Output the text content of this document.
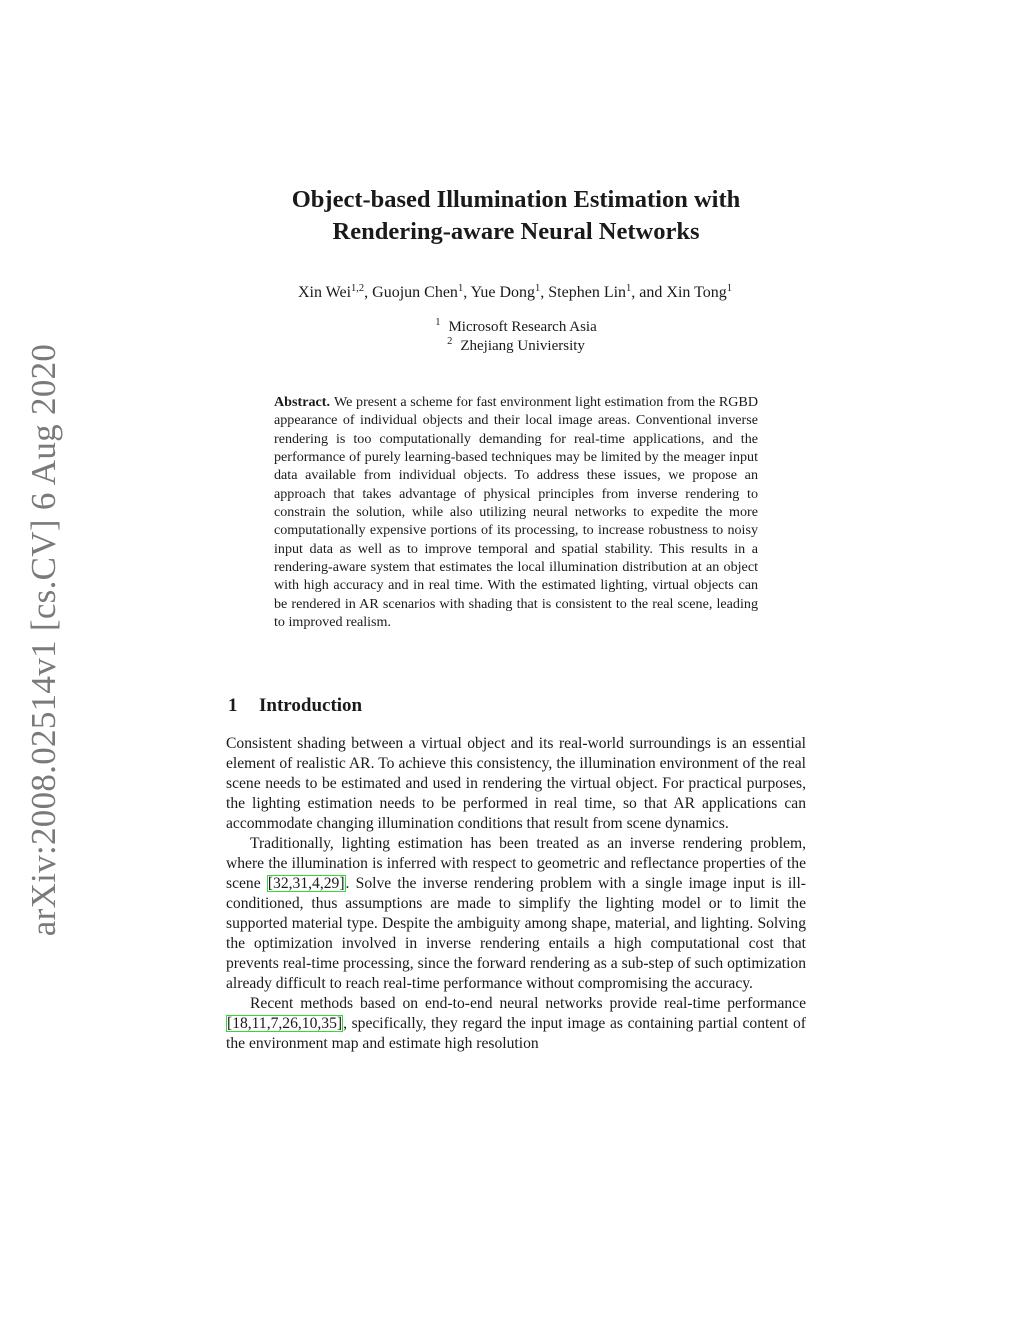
arXiv:2008.02514v1 [cs.CV] 6 Aug 2020
Object-based Illumination Estimation with
Rendering-aware Neural Networks
Xin Wei$^{1,2}$, Guojun Chen$^1$, Yue Dong$^1$, Stephen Lin$^1$, and Xin Tong$^1$
$^1$ Microsoft Research Asia
$^2$ Zhejiang Univiersity
Abstract. We present a scheme for fast environment light estimation from the RGBD appearance of individual objects and their local image areas. Conventional inverse rendering is too computationally demanding for real-time applications, and the performance of purely learning-based techniques may be limited by the meager input data available from individual objects. To address these issues, we propose an approach that takes advantage of physical principles from inverse rendering to constrain the solution, while also utilizing neural networks to expedite the more computationally expensive portions of its processing, to increase robustness to noisy input data as well as to improve temporal and spatial stability. This results in a rendering-aware system that estimates the local illumination distribution at an object with high accuracy and in real time. With the estimated lighting, virtual objects can be rendered in AR scenarios with shading that is consistent to the real scene, leading to improved realism.
1 Introduction

Consistent shading between a virtual object and its real-world surroundings is an essential element of realistic AR. To achieve this consistency, the illumination environment of the real scene needs to be estimated and used in rendering the virtual object. For practical purposes, the lighting estimation needs to be performed in real time, so that AR applications can accommodate changing illumination conditions that result from scene dynamics.

Traditionally, lighting estimation has been treated as an inverse rendering problem, where the illumination is inferred with respect to geometric and reflectance properties of the scene [32,31,4,29]. Solve the inverse rendering problem with a single image input is ill-conditioned, thus assumptions are made to simplify the lighting model or to limit the supported material type. Despite the ambiguity among shape, material, and lighting. Solving the optimization involved in inverse rendering entails a high computational cost that prevents real-time processing, since the forward rendering as a sub-step of such optimization already difficult to reach real-time performance without compromising the accuracy.

Recent methods based on end-to-end neural networks provide real-time performance [18,11,7,26,10,35], specifically, they regard the input image as containing partial content of the environment map and estimate high resolution
